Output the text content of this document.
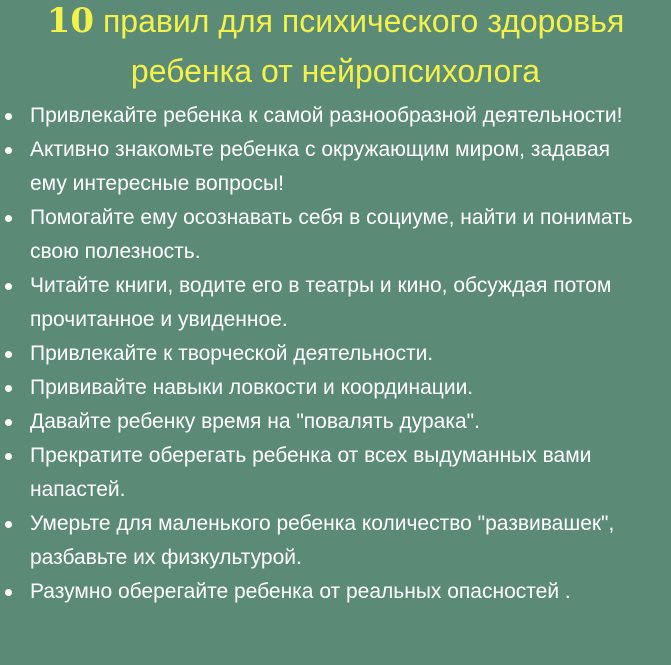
10 правил для психического здоровья
ребенка от нейропсихолога
Привлекайте ребенка к самой разнообразной деятельности!
Активно знакомьте ребенка с окружающим миром, задавая ему интересные вопросы!
Помогайте ему осознавать себя в социуме, найти и понимать свою полезность.
Читайте книги, водите его в театры и кино, обсуждая потом прочитанное и увиденное.
Привлекайте к творческой деятельности.
Прививайте навыки ловкости и координации.
Давайте ребенку время на "повалять дурака".
Прекратите оберегать ребенка от всех выдуманных вами напастей.
Умерьте для маленького ребенка количество "развивашек", разбавьте их физкультурой.
Разумно оберегайте ребенка от реальных опасностей .
